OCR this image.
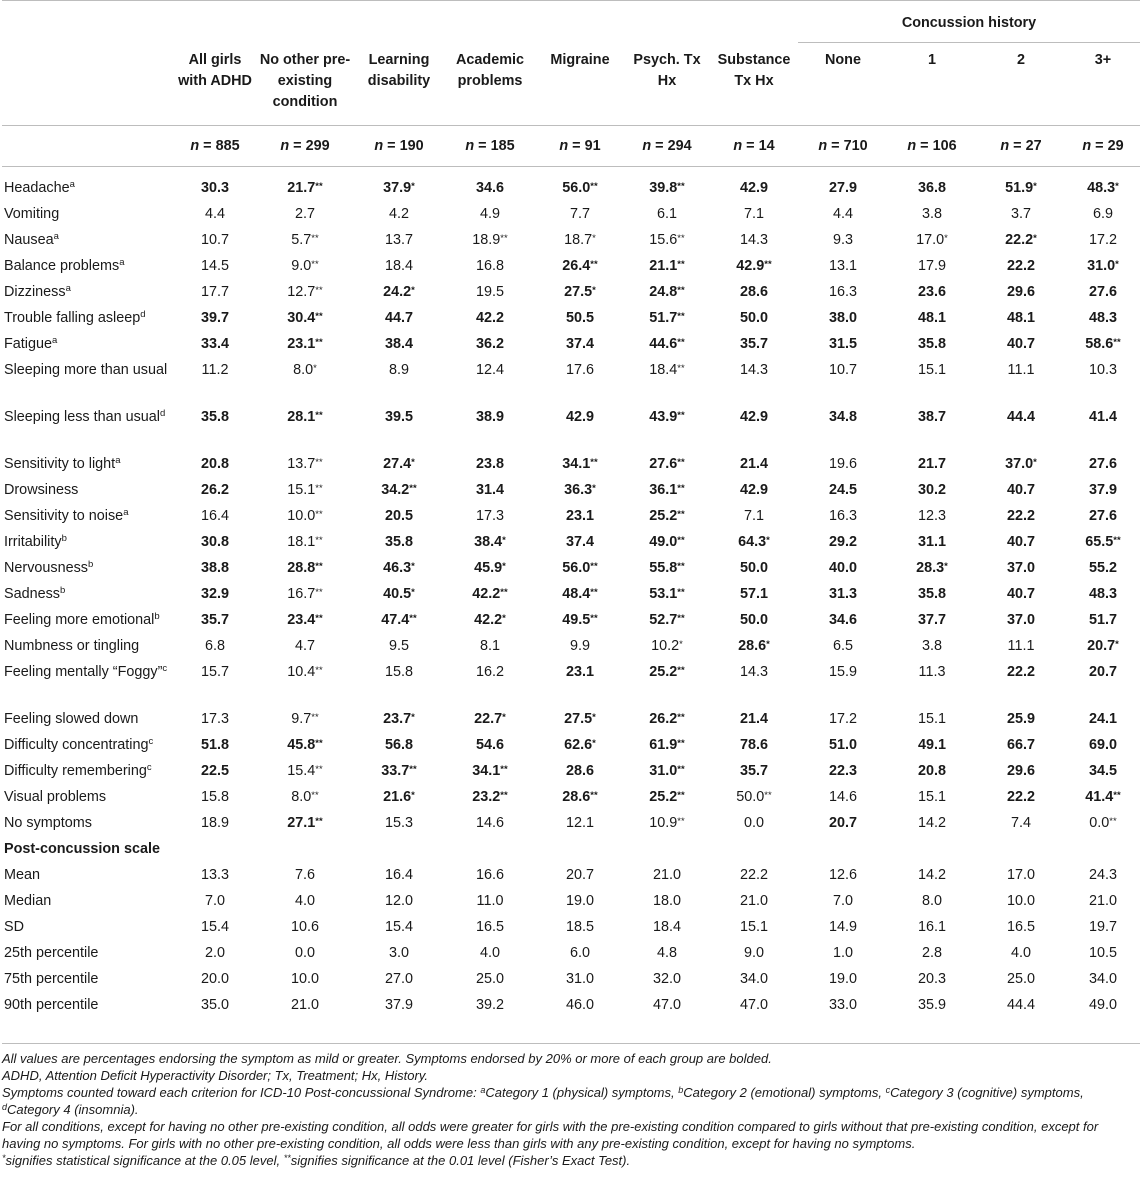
								Concussion history			
	All girls with ADHD	No other pre-existing condition	Learning disability	Academic problems	Migraine	Psych. Tx Hx	Substance Tx Hx	None	1	2	3+
	n = 885	n = 299	n = 190	n = 185	n = 91	n = 294	n = 14	n = 710	n = 106	n = 27	n = 29
Headache$^a$	30.3	21.7**	37.9*	34.6	56.0**	39.8**	42.9	27.9	36.8	51.9*	48.3*
Vomiting	4.4	2.7	4.2	4.9	7.7	6.1	7.1	4.4	3.8	3.7	6.9
Nausea$^a$	10.7	5.7**	13.7	18.9**	18.7*	15.6**	14.3	9.3	17.0*	22.2*	17.2
Balance problems$^a$	14.5	9.0**	18.4	16.8	26.4**	21.1**	42.9**	13.1	17.9	22.2	31.0*
Dizziness$^a$	17.7	12.7**	24.2*	19.5	27.5*	24.8**	28.6	16.3	23.6	29.6	27.6
Trouble falling asleep$^d$	39.7	30.4**	44.7	42.2	50.5	51.7**	50.0	38.0	48.1	48.1	48.3
Fatigue$^a$	33.4	23.1**	38.4	36.2	37.4	44.6**	35.7	31.5	35.8	40.7	58.6**
Sleeping more than usual	11.2	8.0*	8.9	12.4	17.6	18.4**	14.3	10.7	15.1	11.1	10.3
Sleeping less than usual$^d$	35.8	28.1**	39.5	38.9	42.9	43.9**	42.9	34.8	38.7	44.4	41.4
Sensitivity to light$^a$	20.8	13.7**	27.4*	23.8	34.1**	27.6**	21.4	19.6	21.7	37.0*	27.6
Drowsiness	26.2	15.1**	34.2**	31.4	36.3*	36.1**	42.9	24.5	30.2	40.7	37.9
Sensitivity to noise$^a$	16.4	10.0**	20.5	17.3	23.1	25.2**	7.1	16.3	12.3	22.2	27.6
Irritability$^b$	30.8	18.1**	35.8	38.4*	37.4	49.0**	64.3*	29.2	31.1	40.7	65.5**
Nervousness$^b$	38.8	28.8**	46.3*	45.9*	56.0**	55.8**	50.0	40.0	28.3*	37.0	55.2
Sadness$^b$	32.9	16.7**	40.5*	42.2**	48.4**	53.1**	57.1	31.3	35.8	40.7	48.3
Feeling more emotional$^b$	35.7	23.4**	47.4**	42.2*	49.5**	52.7**	50.0	34.6	37.7	37.0	51.7
Numbness or tingling	6.8	4.7	9.5	8.1	9.9	10.2*	28.6*	6.5	3.8	11.1	20.7*
Feeling mentally “Foggy”$^c$	15.7	10.4**	15.8	16.2	23.1	25.2**	14.3	15.9	11.3	22.2	20.7
Feeling slowed down	17.3	9.7**	23.7*	22.7*	27.5*	26.2**	21.4	17.2	15.1	25.9	24.1
Difficulty concentrating$^c$	51.8	45.8**	56.8	54.6	62.6*	61.9**	78.6	51.0	49.1	66.7	69.0
Difficulty remembering$^c$	22.5	15.4**	33.7**	34.1**	28.6	31.0**	35.7	22.3	20.8	29.6	34.5
Visual problems	15.8	8.0**	21.6*	23.2**	28.6**	25.2**	50.0**	14.6	15.1	22.2	41.4**
No symptoms	18.9	27.1**	15.3	14.6	12.1	10.9**	0.0	20.7	14.2	7.4	0.0**
Post-concussion scale											
Mean	13.3	7.6	16.4	16.6	20.7	21.0	22.2	12.6	14.2	17.0	24.3
Median	7.0	4.0	12.0	11.0	19.0	18.0	21.0	7.0	8.0	10.0	21.0
SD	15.4	10.6	15.4	16.5	18.5	18.4	15.1	14.9	16.1	16.5	19.7
25th percentile	2.0	0.0	3.0	4.0	6.0	4.8	9.0	1.0	2.8	4.0	10.5
75th percentile	20.0	10.0	27.0	25.0	31.0	32.0	34.0	19.0	20.3	25.0	34.0
90th percentile	35.0	21.0	37.9	39.2	46.0	47.0	47.0	33.0	35.9	44.4	49.0

All values are percentages endorsing the symptom as mild or greater. Symptoms endorsed by 20% or more of each group are bolded.

ADHD, Attention Deficit Hyperactivity Disorder; Tx, Treatment; Hx, History.

Symptoms counted toward each criterion for ICD-10 Post-concussional Syndrome: $^a$Category 1 (physical) symptoms, $^b$Category 2 (emotional) symptoms, $^c$Category 3 (cognitive) symptoms, $^d$Category 4 (insomnia).

For all conditions, except for having no other pre-existing condition, all odds were greater for girls with the pre-existing condition compared to girls without that pre-existing condition, except for having no symptoms. For girls with no other pre-existing condition, all odds were less than girls with any pre-existing condition, except for having no symptoms.

*signifies statistical significance at the 0.05 level, **signifies significance at the 0.01 level (Fisher’s Exact Test).
